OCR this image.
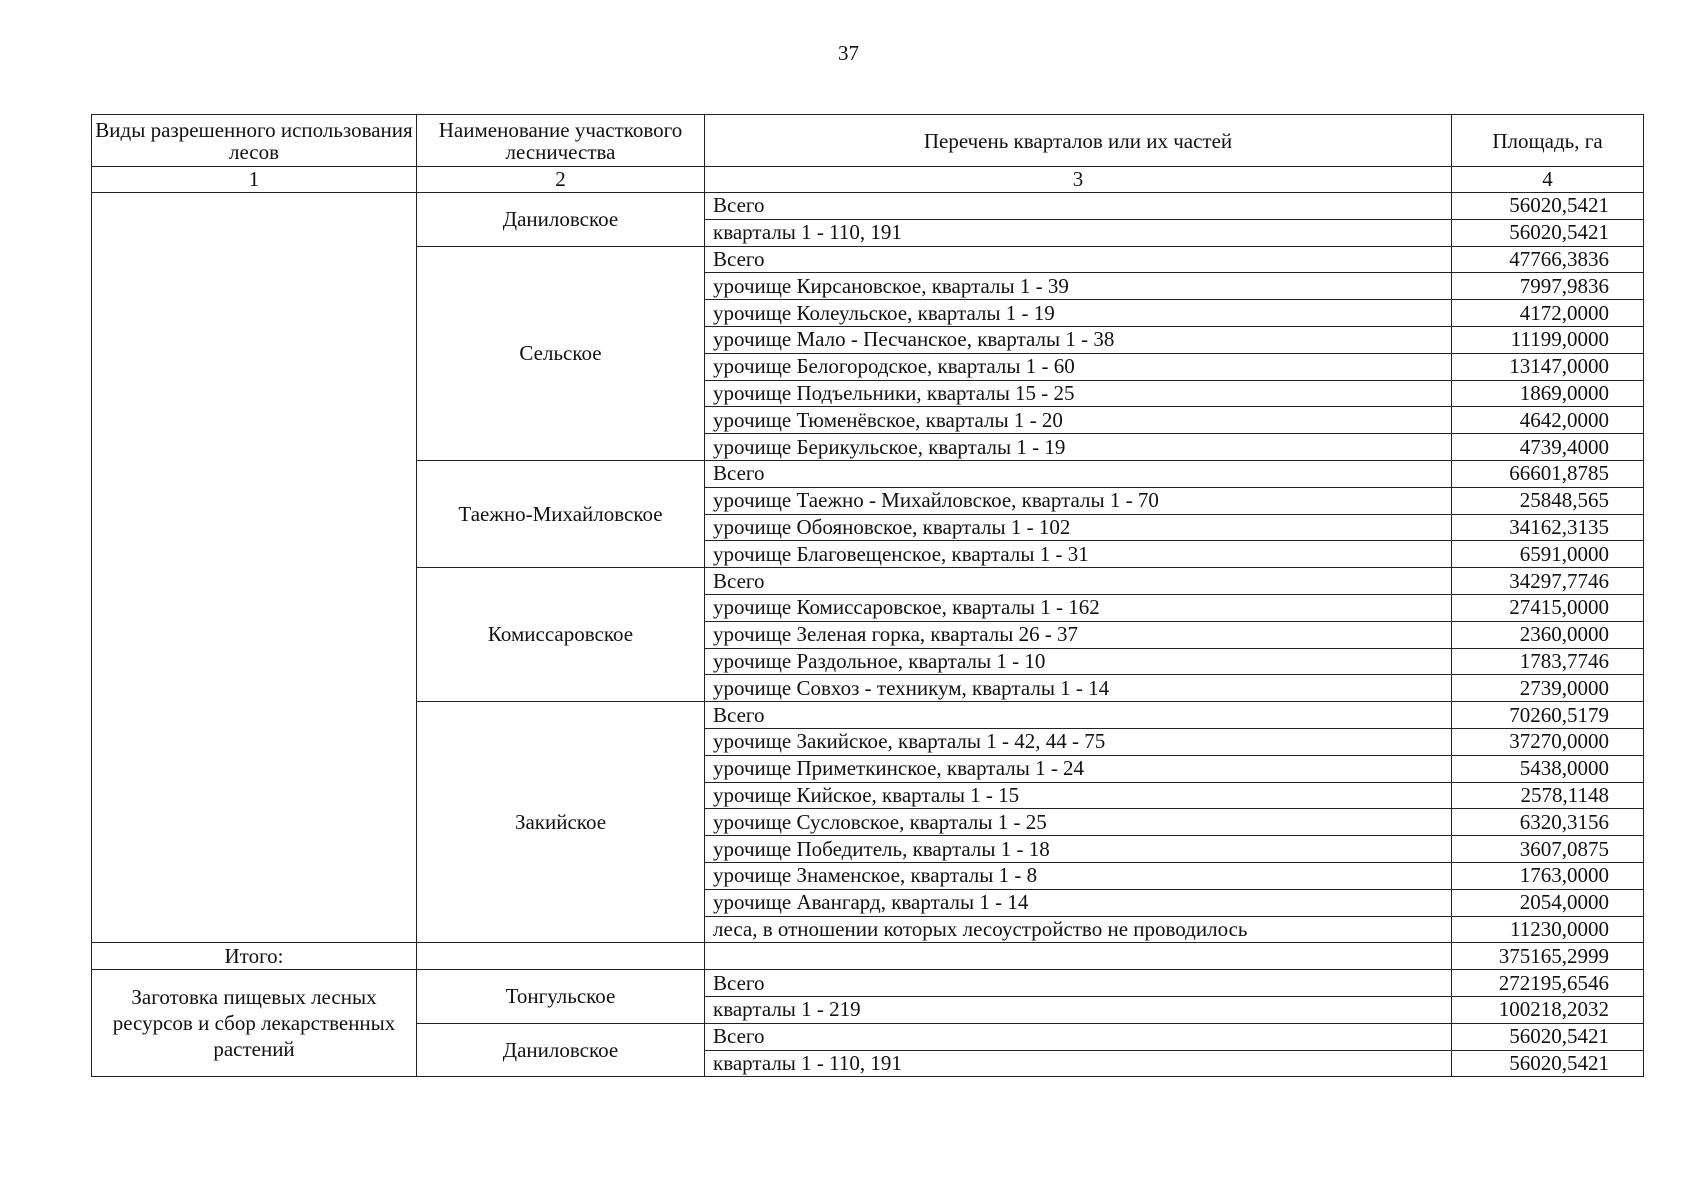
37
Виды разрешенного использования лесов	Наименование участкового лесничества	Перечень кварталов или их частей	Площадь, га
1	2	3	4
	Даниловское	Всего	56020,5421
		кварталы 1 - 110, 191	56020,5421
	Сельское	Всего	47766,3836
		урочище Кирсановское, кварталы 1 - 39	7997,9836
		урочище Колеульское, кварталы 1 - 19	4172,0000
		урочище Мало - Песчанское, кварталы 1 - 38	11199,0000
		урочище Белогородское, кварталы 1 - 60	13147,0000
		урочище Подъельники, кварталы 15 - 25	1869,0000
		урочище Тюменёвское, кварталы 1 - 20	4642,0000
		урочище Берикульское, кварталы 1 - 19	4739,4000
	Таежно-Михайловское	Всего	66601,8785
		урочище Таежно - Михайловское, кварталы 1 - 70	25848,565
		урочище Обояновское, кварталы 1 - 102	34162,3135
		урочище Благовещенское, кварталы 1 - 31	6591,0000
	Комиссаровское	Всего	34297,7746
		урочище Комиссаровское, кварталы 1 - 162	27415,0000
		урочище Зеленая горка, кварталы 26 - 37	2360,0000
		урочище Раздольное, кварталы 1 - 10	1783,7746
		урочище Совхоз - техникум, кварталы 1 - 14	2739,0000
	Закийское	Всего	70260,5179
		урочище Закийское, кварталы 1 - 42, 44 - 75	37270,0000
		урочище Приметкинское, кварталы 1 - 24	5438,0000
		урочище Кийское, кварталы 1 - 15	2578,1148
		урочище Сусловское, кварталы 1 - 25	6320,3156
		урочище Победитель, кварталы 1 - 18	3607,0875
		урочище Знаменское, кварталы 1 - 8	1763,0000
		урочище Авангард, кварталы 1 - 14	2054,0000
		леса, в отношении которых лесоустройство не проводилось	11230,0000
Итого:			375165,2999
Заготовка пищевых лесных ресурсов и сбор лекарственных растений	Тонгульское	Всего	272195,6546
		кварталы 1 - 219	100218,2032
	Даниловское	Всего	56020,5421
		кварталы 1 - 110, 191	56020,5421
